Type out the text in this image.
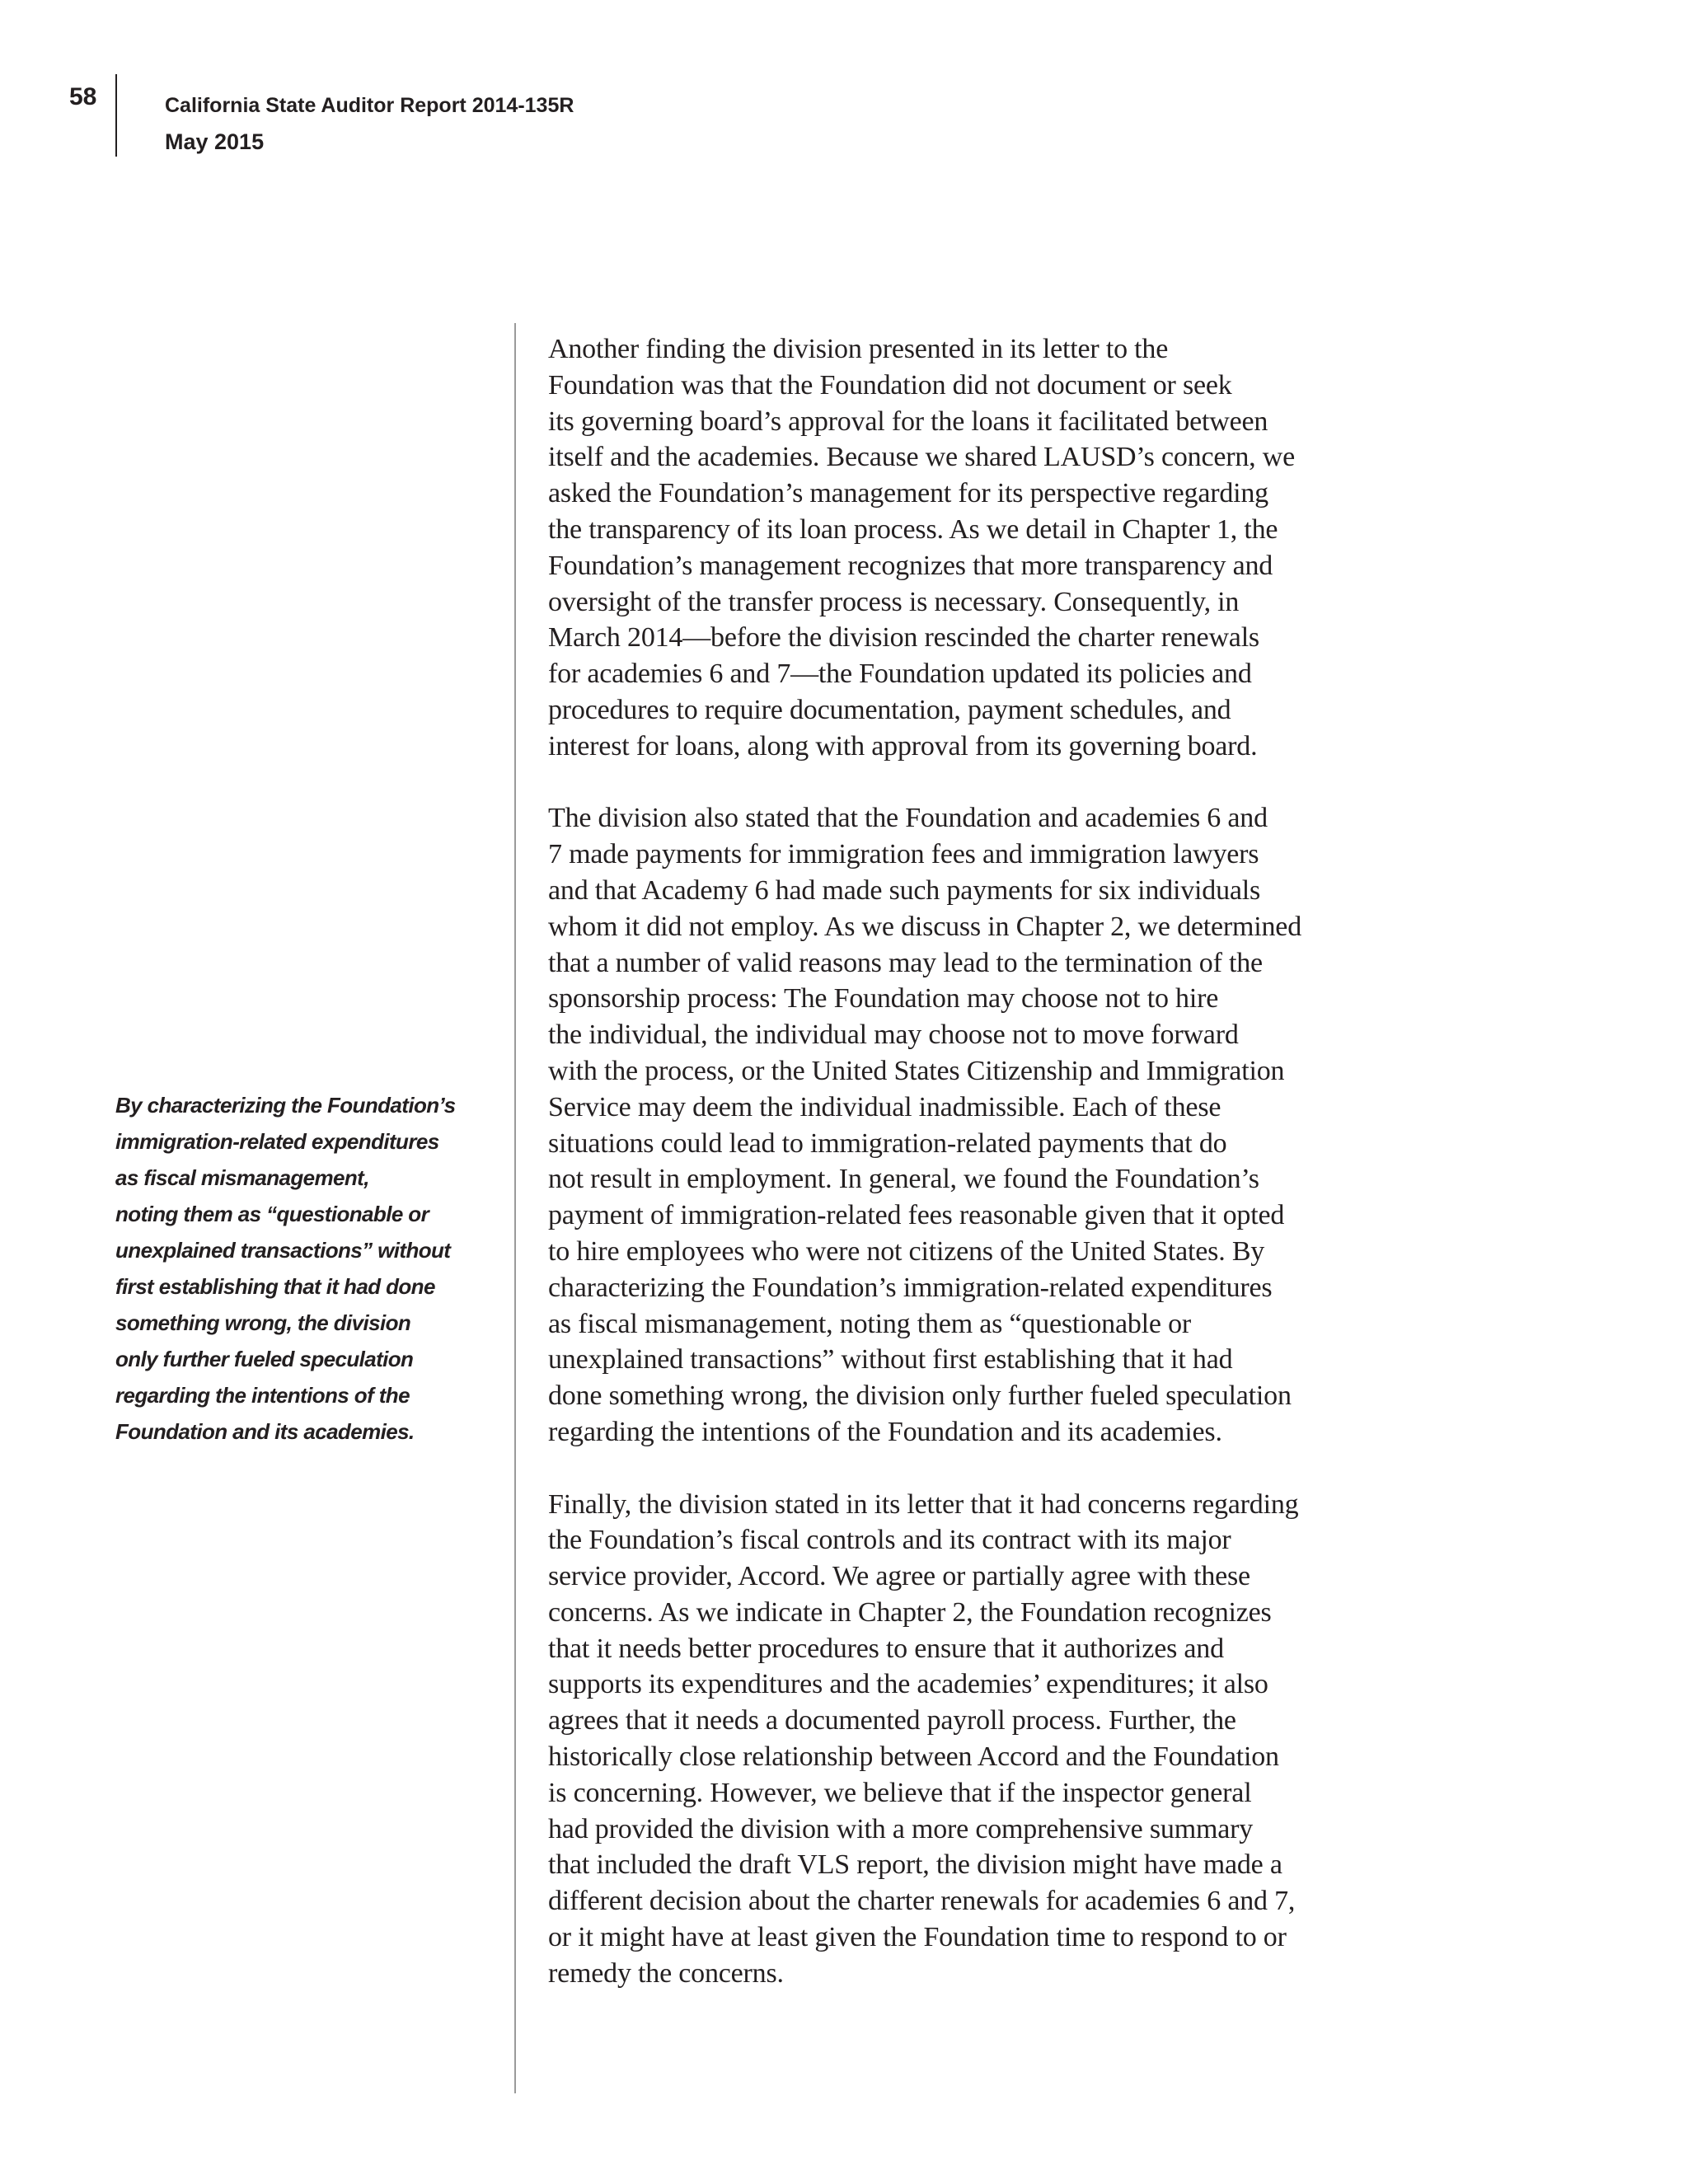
58	California State Auditor Report 2014-135R
May 2015
By characterizing the Foundation’s
immigration-related expenditures
as fiscal mismanagement,
noting them as “questionable or
unexplained transactions” without
first establishing that it had done
something wrong, the division
only further fueled speculation
regarding the intentions of the
Foundation and its academies.
Another finding the division presented in its letter to the
Foundation was that the Foundation did not document or seek
its governing board’s approval for the loans it facilitated between
itself and the academies. Because we shared LAUSD’s concern, we
asked the Foundation’s management for its perspective regarding
the transparency of its loan process. As we detail in Chapter 1, the
Foundation’s management recognizes that more transparency and
oversight of the transfer process is necessary. Consequently, in
March 2014—before the division rescinded the charter renewals
for academies 6 and 7—the Foundation updated its policies and
procedures to require documentation, payment schedules, and
interest for loans, along with approval from its governing board.
The division also stated that the Foundation and academies 6 and
7 made payments for immigration fees and immigration lawyers
and that Academy 6 had made such payments for six individuals
whom it did not employ. As we discuss in Chapter 2, we determined
that a number of valid reasons may lead to the termination of the
sponsorship process: The Foundation may choose not to hire
the individual, the individual may choose not to move forward
with the process, or the United States Citizenship and Immigration
Service may deem the individual inadmissible. Each of these
situations could lead to immigration-related payments that do
not result in employment. In general, we found the Foundation’s
payment of immigration-related fees reasonable given that it opted
to hire employees who were not citizens of the United States. By
characterizing the Foundation’s immigration-related expenditures
as fiscal mismanagement, noting them as “questionable or
unexplained transactions” without first establishing that it had
done something wrong, the division only further fueled speculation
regarding the intentions of the Foundation and its academies.
Finally, the division stated in its letter that it had concerns regarding
the Foundation’s fiscal controls and its contract with its major
service provider, Accord. We agree or partially agree with these
concerns. As we indicate in Chapter 2, the Foundation recognizes
that it needs better procedures to ensure that it authorizes and
supports its expenditures and the academies’ expenditures; it also
agrees that it needs a documented payroll process. Further, the
historically close relationship between Accord and the Foundation
is concerning. However, we believe that if the inspector general
had provided the division with a more comprehensive summary
that included the draft VLS report, the division might have made a
different decision about the charter renewals for academies 6 and 7,
or it might have at least given the Foundation time to respond to or
remedy the concerns.
